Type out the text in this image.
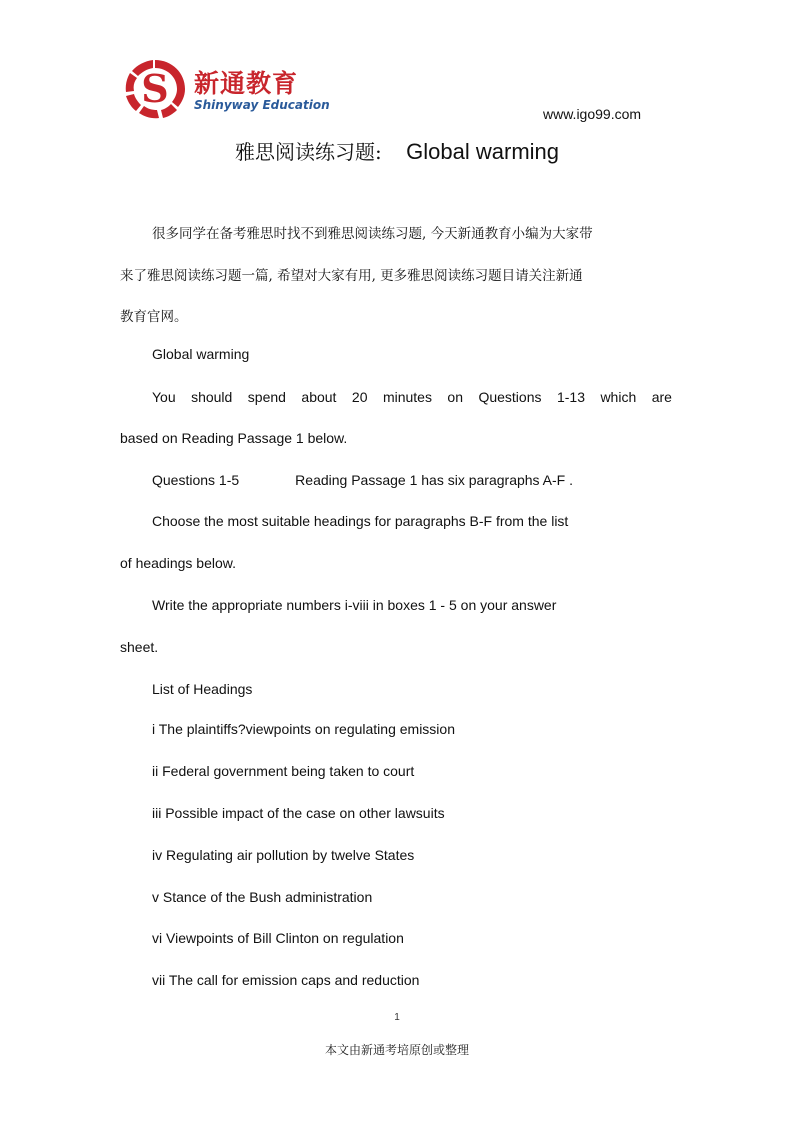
S 新通教育
Shinyway Education
www.igo99.com
雅思阅读练习题: Global warming
很多同学在备考雅思时找不到雅思阅读练习题, 今天新通教育小编为大家带
来了雅思阅读练习题一篇, 希望对大家有用, 更多雅思阅读练习题目请关注新通
教育官网。
Global warming
You should spend about 20 minutes on Questions 1-13 which are
based on Reading Passage 1 below.
Questions 1-5	Reading Passage 1 has six paragraphs A-F .
Choose the most suitable headings for paragraphs B-F from the list
of headings below.
Write the appropriate numbers i-viii in boxes 1 - 5 on your answer
sheet.
List of Headings
i The plaintiffs?viewpoints on regulating emission
ii Federal government being taken to court
iii Possible impact of the case on other lawsuits
iv Regulating air pollution by twelve States
v Stance of the Bush administration
vi Viewpoints of Bill Clinton on regulation
vii The call for emission caps and reduction
1
本文由新通考培原创或整理
